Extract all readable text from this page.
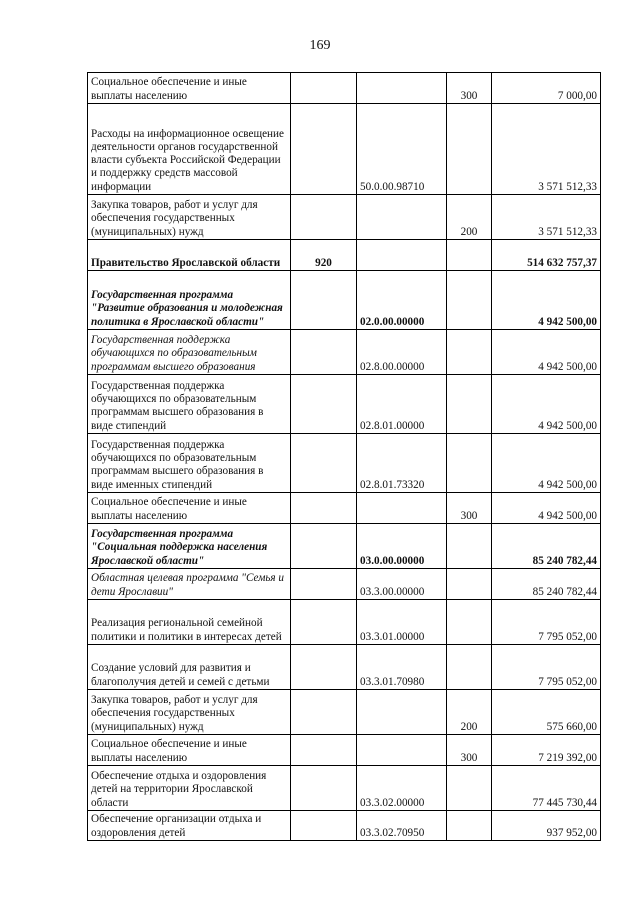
169
Социальное обеспечение и иные выплаты населению			300	7 000,00
Расходы на информационное освещение деятельности органов государственной власти субъекта Российской Федерации и поддержку средств массовой информации		50.0.00.98710		3 571 512,33
Закупка товаров, работ и услуг для обеспечения государственных (муниципальных) нужд			200	3 571 512,33
Правительство Ярославской области	920			514 632 757,37
Государственная программа "Развитие образования и молодежная политика в Ярославской области"		02.0.00.00000		4 942 500,00
Государственная поддержка обучающихся по образовательным программам высшего образования		02.8.00.00000		4 942 500,00
Государственная поддержка обучающихся по образовательным программам высшего образования в виде стипендий		02.8.01.00000		4 942 500,00
Государственная поддержка обучающихся по образовательным программам высшего образования в виде именных стипендий		02.8.01.73320		4 942 500,00
Социальное обеспечение и иные выплаты населению			300	4 942 500,00
Государственная программа "Социальная поддержка населения Ярославской области"		03.0.00.00000		85 240 782,44
Областная целевая программа "Семья и дети Ярославии"		03.3.00.00000		85 240 782,44
Реализация региональной семейной политики и политики в интересах детей		03.3.01.00000		7 795 052,00
Создание условий для развития и благополучия детей и семей с детьми		03.3.01.70980		7 795 052,00
Закупка товаров, работ и услуг для обеспечения государственных (муниципальных) нужд			200	575 660,00
Социальное обеспечение и иные выплаты населению			300	7 219 392,00
Обеспечение отдыха и оздоровления детей на территории Ярославской области		03.3.02.00000		77 445 730,44
Обеспечение организации отдыха и оздоровления детей		03.3.02.70950		937 952,00
